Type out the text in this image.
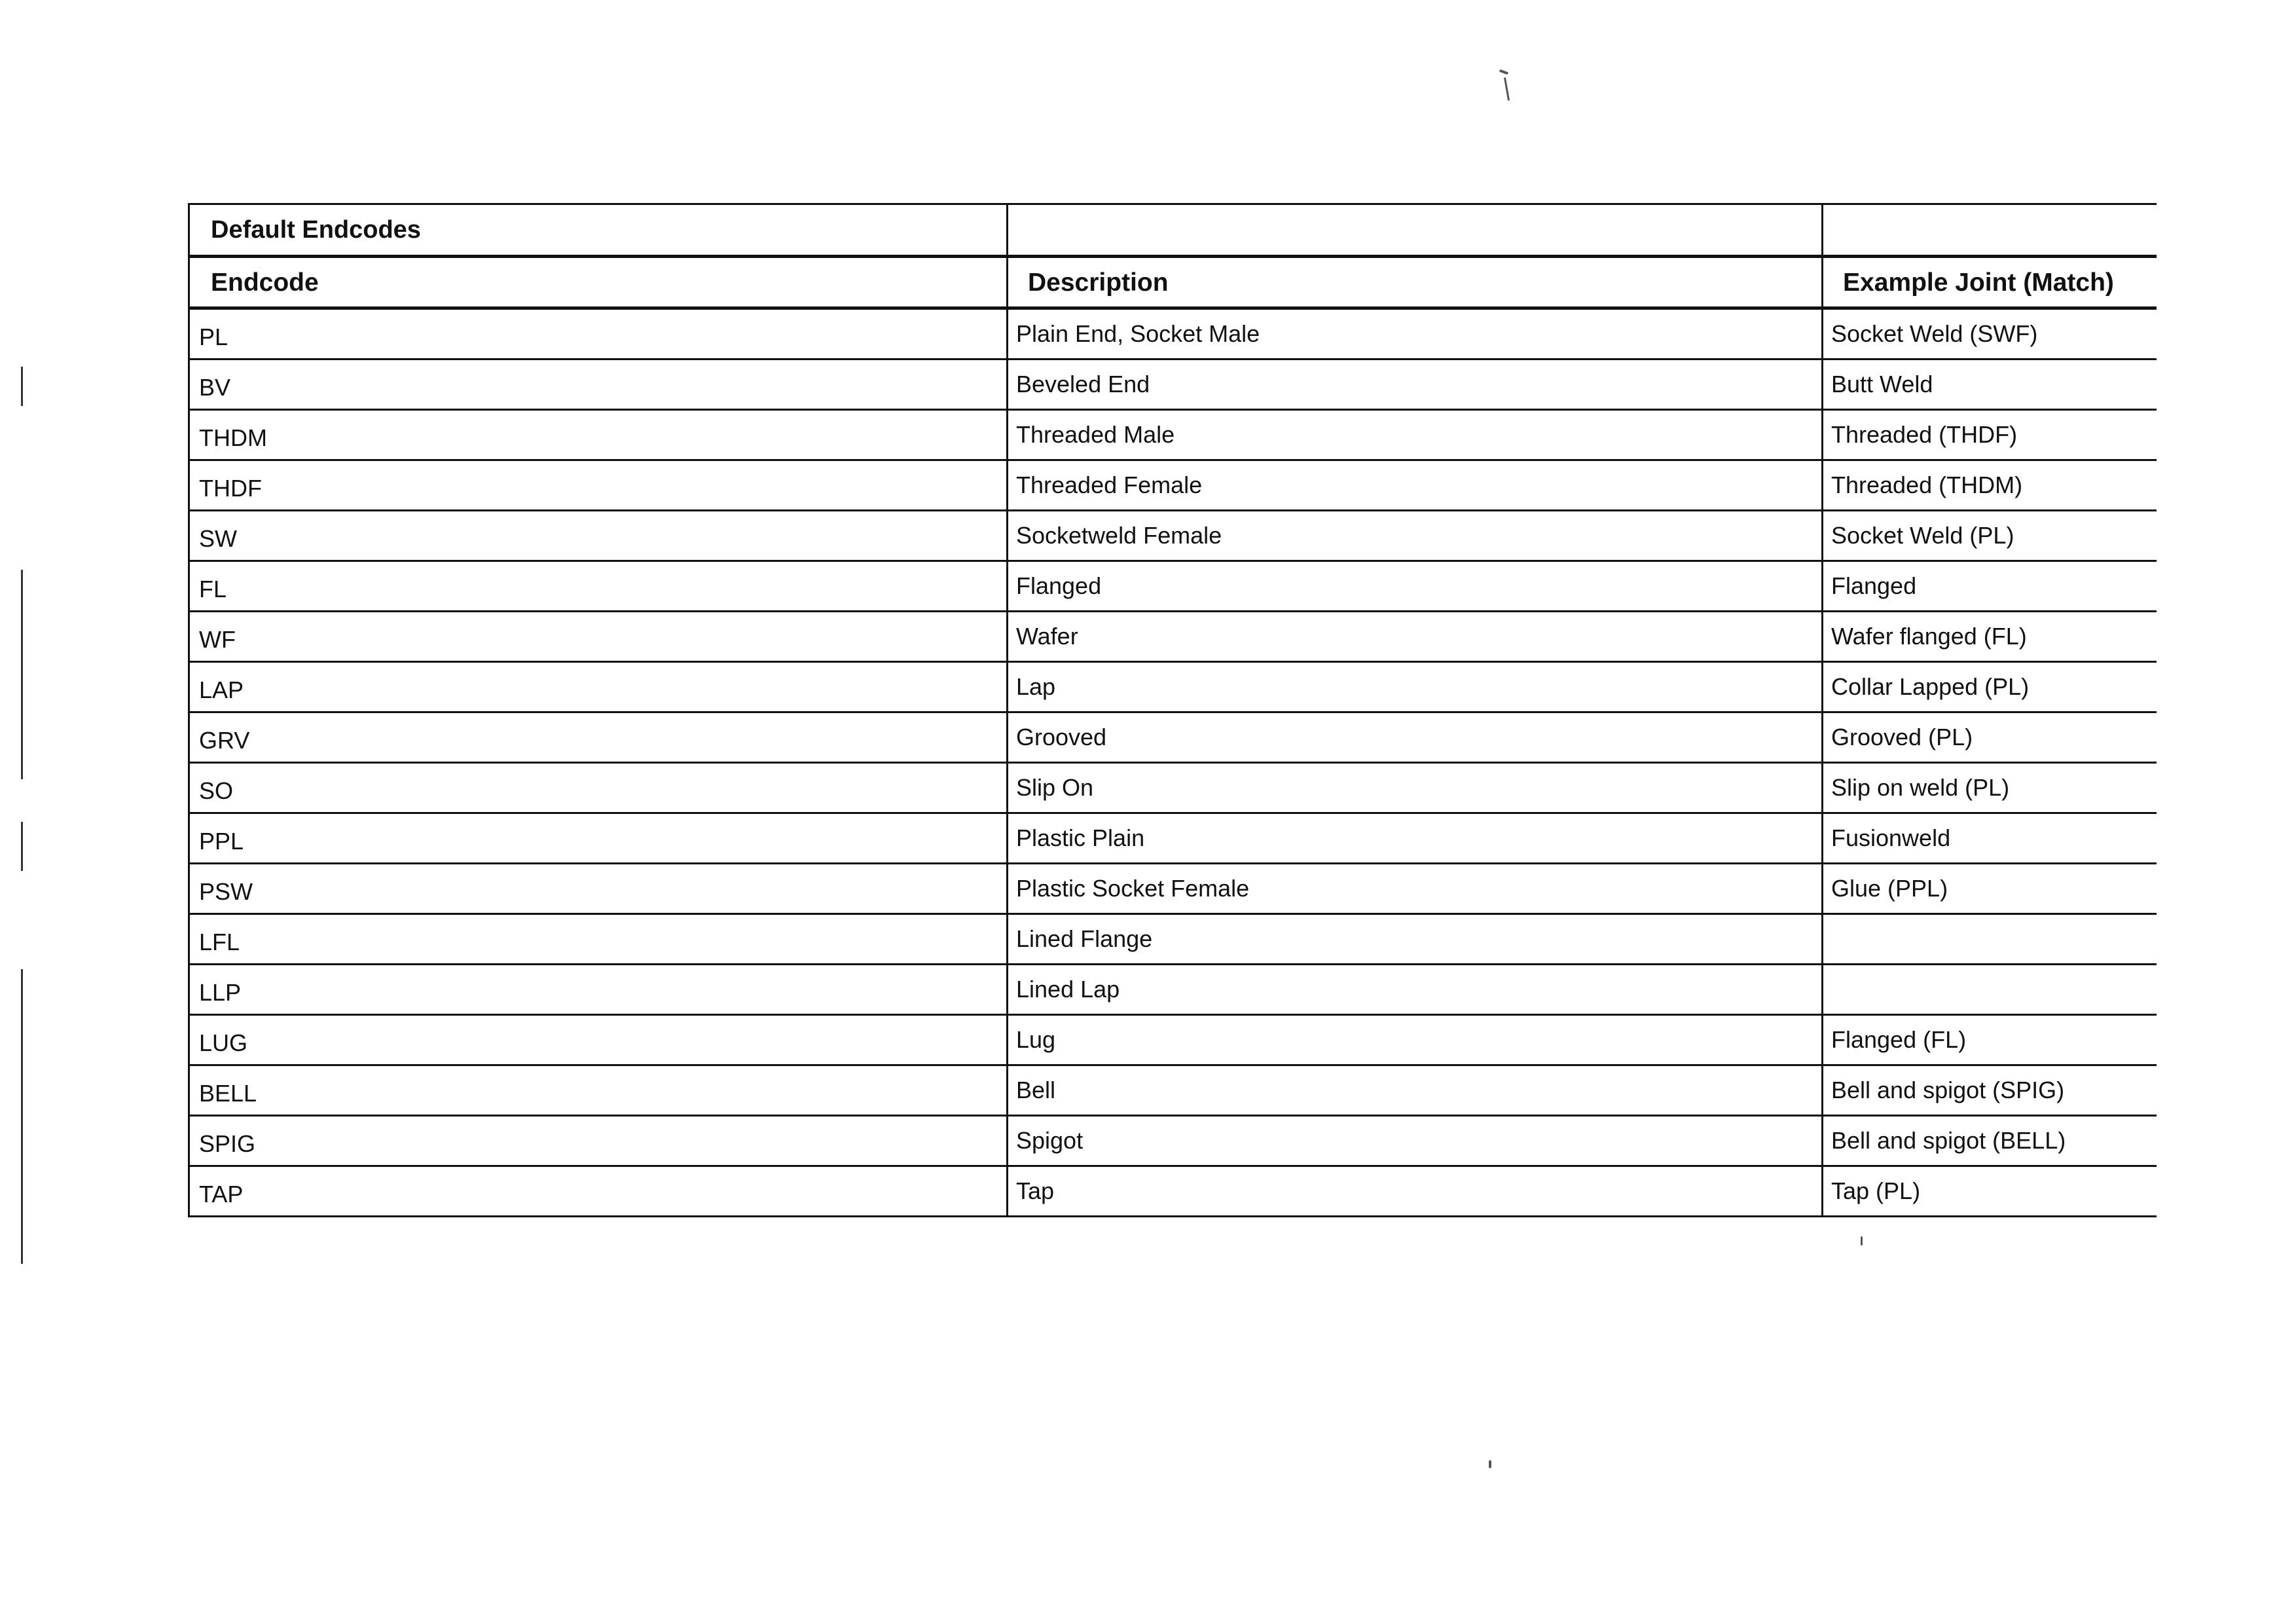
Default Endcodes		
Endcode	Description	Example Joint (Match)
PL	Plain End, Socket Male	Socket Weld (SWF)
BV	Beveled End	Butt Weld
THDM	Threaded Male	Threaded (THDF)
THDF	Threaded Female	Threaded (THDM)
SW	Socketweld Female	Socket Weld (PL)
FL	Flanged	Flanged
WF	Wafer	Wafer flanged (FL)
LAP	Lap	Collar Lapped (PL)
GRV	Grooved	Grooved (PL)
SO	Slip On	Slip on weld (PL)
PPL	Plastic Plain	Fusionweld
PSW	Plastic Socket Female	Glue (PPL)
LFL	Lined Flange	
LLP	Lined Lap	
LUG	Lug	Flanged (FL)
BELL	Bell	Bell and spigot (SPIG)
SPIG	Spigot	Bell and spigot (BELL)
TAP	Tap	Tap (PL)
